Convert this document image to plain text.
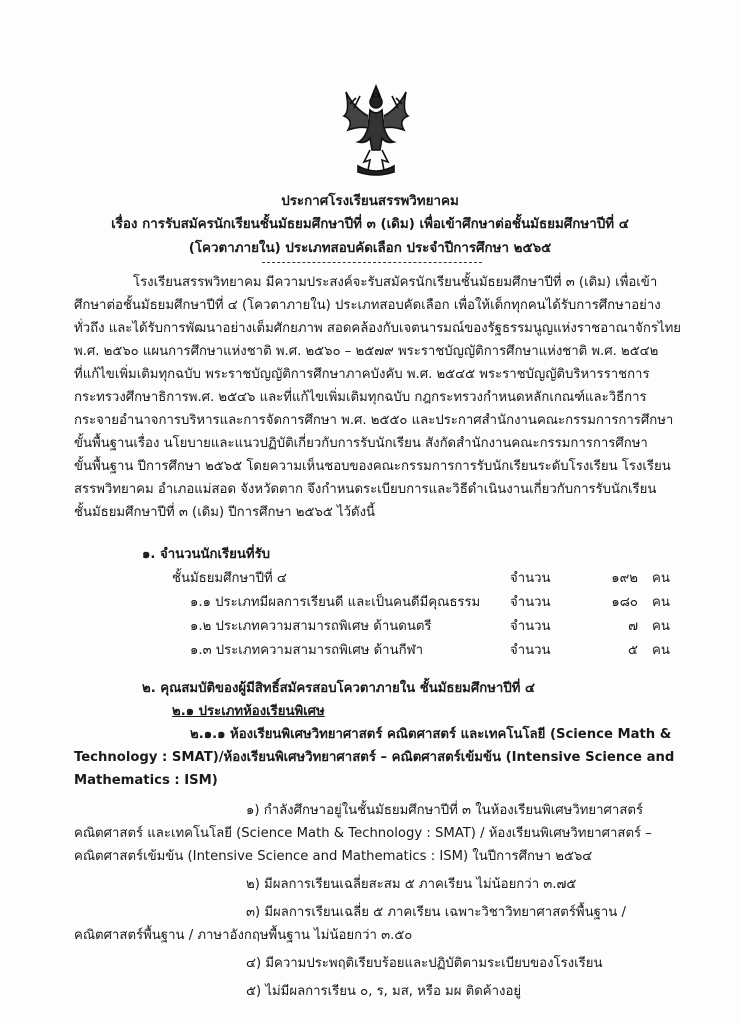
ประกาศโรงเรียนสรรพวิทยาคม
เรื่อง การรับสมัครนักเรียนชั้นมัธยมศึกษาปีที่ ๓ (เดิม) เพื่อเข้าศึกษาต่อชั้นมัธยมศึกษาปีที่ ๔
(โควตาภายใน) ประเภทสอบคัดเลือก ประจำปีการศึกษา ๒๕๖๕
โรงเรียนสรรพวิทยาคม มีความประสงค์จะรับสมัครนักเรียนชั้นมัธยมศึกษาปีที่ ๓ (เดิม) เพื่อเข้า
ศึกษาต่อชั้นมัธยมศึกษาปีที่ ๔ (โควตาภายใน) ประเภทสอบคัดเลือก เพื่อให้เด็กทุกคนได้รับการศึกษาอย่าง
ทั่วถึง และได้รับการพัฒนาอย่างเต็มศักยภาพ สอดคล้องกับเจตนารมณ์ของรัฐธรรมนูญแห่งราชอาณาจักรไทย
พ.ศ. ๒๕๖๐ แผนการศึกษาแห่งชาติ พ.ศ. ๒๕๖๐ – ๒๕๗๙ พระราชบัญญัติการศึกษาแห่งชาติ พ.ศ. ๒๕๔๒
ที่แก้ไขเพิ่มเติมทุกฉบับ พระราชบัญญัติการศึกษาภาคบังคับ พ.ศ. ๒๕๔๕ พระราชบัญญัติบริหารราชการ
กระทรวงศึกษาธิการพ.ศ. ๒๕๔๖ และที่แก้ไขเพิ่มเติมทุกฉบับ กฎกระทรวงกำหนดหลักเกณฑ์และวิธีการ
กระจายอำนาจการบริหารและการจัดการศึกษา พ.ศ. ๒๕๕๐ และประกาศสำนักงานคณะกรรมการการศึกษา
ขั้นพื้นฐานเรื่อง นโยบายและแนวปฏิบัติเกี่ยวกับการรับนักเรียน สังกัดสำนักงานคณะกรรมการการศึกษา
ขั้นพื้นฐาน ปีการศึกษา ๒๕๖๕ โดยความเห็นชอบของคณะกรรมการการรับนักเรียนระดับโรงเรียน โรงเรียน
สรรพวิทยาคม อำเภอแม่สอด จังหวัดตาก จึงกำหนดระเบียบการและวิธีดำเนินงานเกี่ยวกับการรับนักเรียน
ชั้นมัธยมศึกษาปีที่ ๓ (เดิม) ปีการศึกษา ๒๕๖๕ ไว้ดังนี้
๑. จำนวนนักเรียนที่รับ
ชั้นมัธยมศึกษาปีที่ ๔	จำนวน	๑๙๒ คน
๑.๑ ประเภทมีผลการเรียนดี และเป็นคนดีมีคุณธรรม จำนวน	๑๘๐ คน
๑.๒ ประเภทความสามารถพิเศษ ด้านดนตรี	จำนวน	๗ คน
๑.๓ ประเภทความสามารถพิเศษ ด้านกีฬา	จำนวน	๕ คน
๒. คุณสมบัติของผู้มีสิทธิ์สมัครสอบโควตาภายใน ชั้นมัธยมศึกษาปีที่ ๔
๒.๑ ประเภทห้องเรียนพิเศษ
๒.๑.๑ ห้องเรียนพิเศษวิทยาศาสตร์ คณิตศาสตร์ และเทคโนโลยี (Science Math &
Technology : SMAT)/ห้องเรียนพิเศษวิทยาศาสตร์ – คณิตศาสตร์เข้มข้น (Intensive Science and
Mathematics : ISM)
๑) กำลังศึกษาอยู่ในชั้นมัธยมศึกษาปีที่ ๓ ในห้องเรียนพิเศษวิทยาศาสตร์
คณิตศาสตร์ และเทคโนโลยี (Science Math & Technology : SMAT) / ห้องเรียนพิเศษวิทยาศาสตร์ –
คณิตศาสตร์เข้มข้น (Intensive Science and Mathematics : ISM) ในปีการศึกษา ๒๕๖๔
๒) มีผลการเรียนเฉลี่ยสะสม ๕ ภาคเรียน ไม่น้อยกว่า ๓.๗๕
๓) มีผลการเรียนเฉลี่ย ๕ ภาคเรียน เฉพาะวิชาวิทยาศาสตร์พื้นฐาน /
คณิตศาสตร์พื้นฐาน / ภาษาอังกฤษพื้นฐาน ไม่น้อยกว่า ๓.๕๐
๔) มีความประพฤติเรียบร้อยและปฏิบัติตามระเบียบของโรงเรียน
๕) ไม่มีผลการเรียน ๐, ร, มส, หรือ มผ ติดค้างอยู่
